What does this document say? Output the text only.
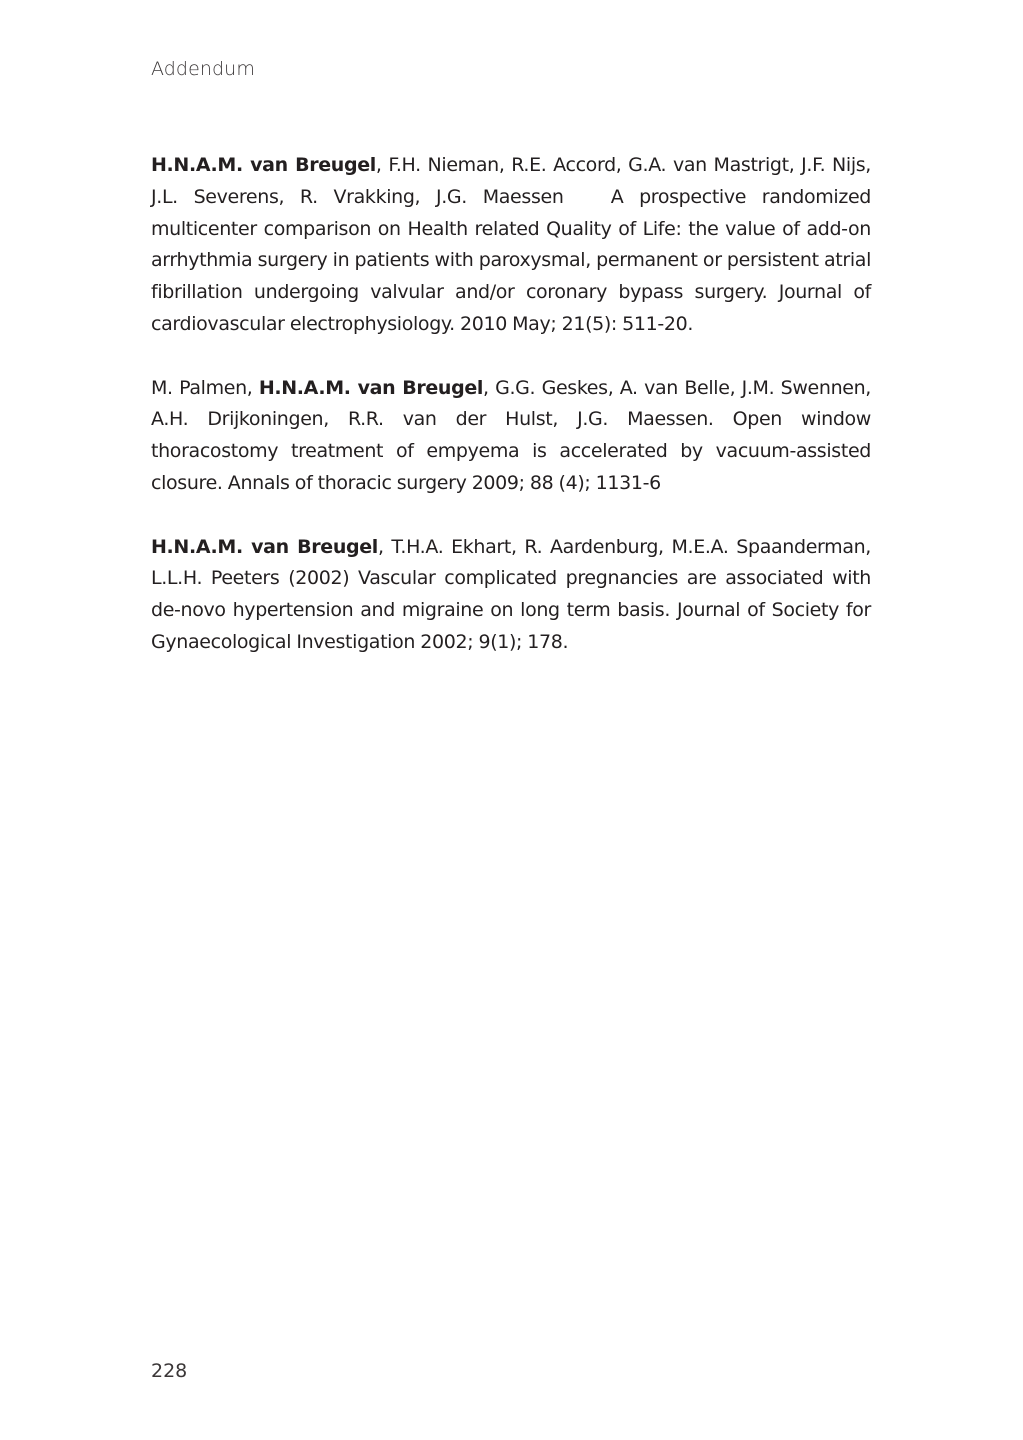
Addendum

H.N.A.M. van Breugel, F.H. Nieman, R.E. Accord, G.A. van Mastrigt, J.F. Nijs, J.L. Severens, R. Vrakking, J.G. Maessen   A prospective randomized multicenter comparison on Health related Quality of Life: the value of add-on arrhythmia surgery in patients with paroxysmal, permanent or persistent atrial fibrillation undergoing valvular and/or coronary bypass surgery. Journal of cardiovascular electrophysiology. 2010 May; 21(5): 511-20.

M. Palmen, H.N.A.M. van Breugel, G.G. Geskes, A. van Belle, J.M. Swennen, A.H. Drijkoningen, R.R. van der Hulst, J.G. Maessen. Open window thoracostomy treatment of empyema is accelerated by vacuum-assisted closure. Annals of thoracic surgery 2009; 88 (4); 1131-6

H.N.A.M. van Breugel, T.H.A. Ekhart, R. Aardenburg, M.E.A. Spaanderman, L.L.H. Peeters (2002) Vascular complicated pregnancies are associated with de-novo hypertension and migraine on long term basis. Journal of Society for Gynaecological Investigation 2002; 9(1); 178.

228
